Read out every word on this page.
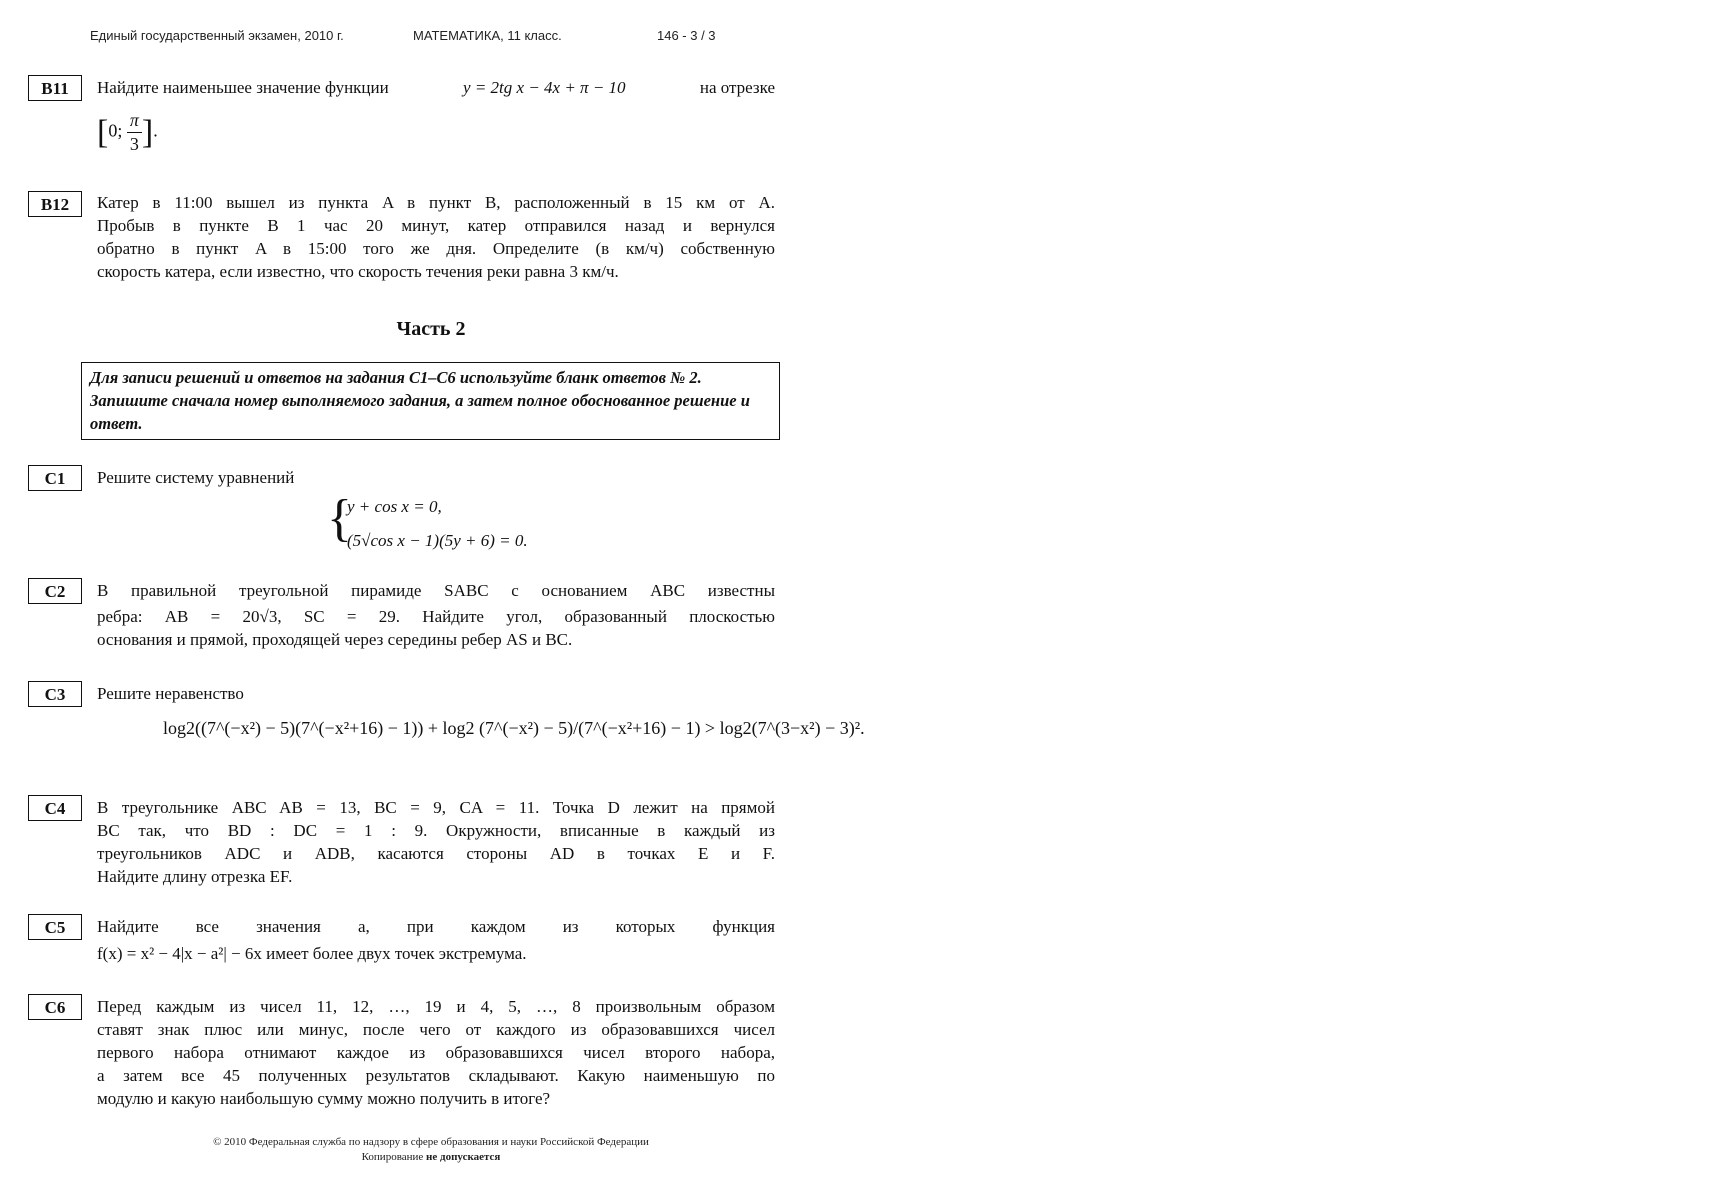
Единый государственный экзамен, 2010 г.	МАТЕМАТИКА, 11 класс.	146 - 3 / 3
B11	Найдите наименьшее значение функции	y = 2tg x − 4x + π − 10	на отрезке
[0; $\frac{\pi}{3}$ ].
B12	Катер в 11:00 вышел из пункта A в пункт B, расположенный в 15 км от A.
Пробыв в пункте B 1 час 20 минут, катер отправился назад и вернулся
обратно в пункт A в 15:00 того же дня. Определите (в км/ч) собственную
скорость катера, если известно, что скорость течения реки равна 3 км/ч.
Часть 2
Для записи решений и ответов на задания С1–С6 используйте бланк ответов № 2. Запишите сначала номер выполняемого задания, а затем полное обоснованное решение и ответ.
C1	Решите систему уравнений
{
y + cos x = 0,
(5√cos x − 1)(5y + 6) = 0.
C2	В правильной треугольной пирамиде SABC с основанием ABC известны
ребра: AB = 20√3, SC = 29. Найдите угол, образованный плоскостью
основания и прямой, проходящей через середины ребер AS и BC.
C3	Решите неравенство
log2((7^(−x²) − 5)(7^(−x²+16) − 1)) + log2 (7^(−x²) − 5)/(7^(−x²+16) − 1) > log2(7^(3−x²) − 3)².
C4	В треугольнике ABC AB = 13, BC = 9, CA = 11. Точка D лежит на прямой
BC так, что BD : DC = 1 : 9. Окружности, вписанные в каждый из
треугольников ADC и ADB, касаются стороны AD в точках E и F.
Найдите длину отрезка EF.
C5	Найдите все значения a, при каждом из которых функция
f(x) = x² − 4|x − a²| − 6x имеет более двух точек экстремума.
C6	Перед каждым из чисел 11, 12, …, 19 и 4, 5, …, 8 произвольным образом
ставят знак плюс или минус, после чего от каждого из образовавшихся чисел
первого набора отнимают каждое из образовавшихся чисел второго набора,
а затем все 45 полученных результатов складывают. Какую наименьшую по
модулю и какую наибольшую сумму можно получить в итоге?
© 2010 Федеральная служба по надзору в сфере образования и науки Российской Федерации
Копирование не допускается
